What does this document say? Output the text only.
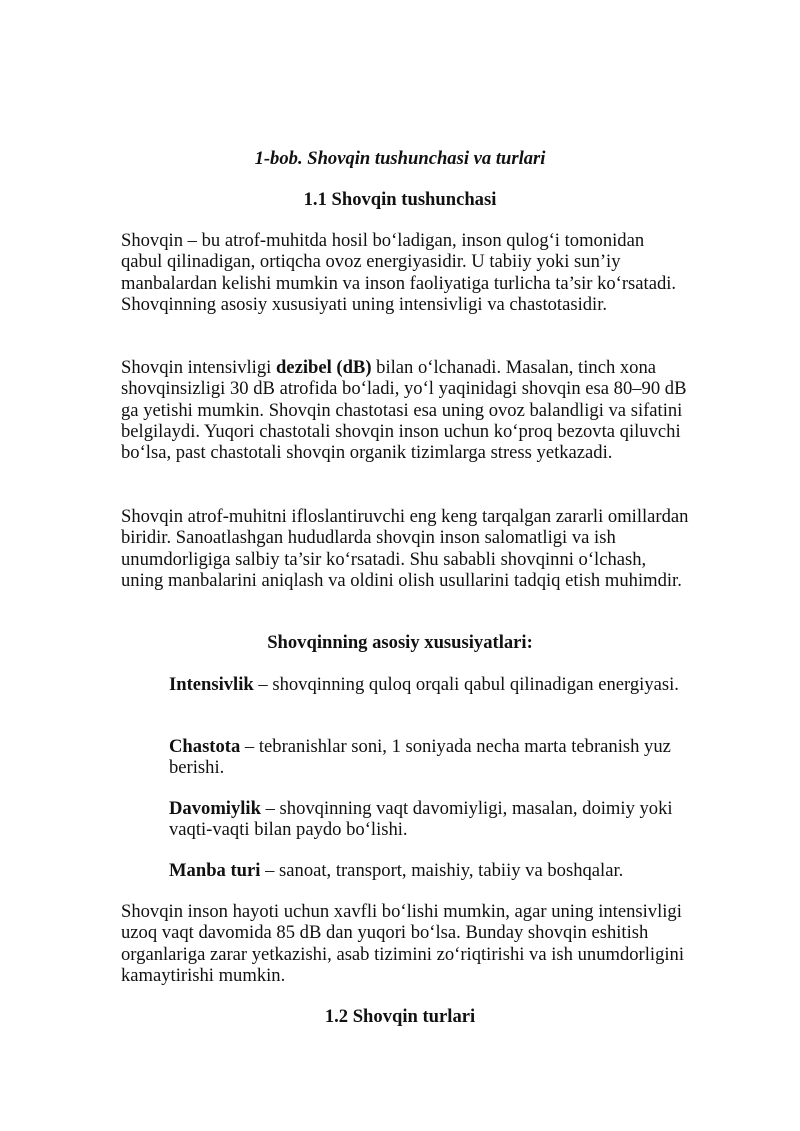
1-bob. Shovqin tushunchasi va turlari
1.1 Shovqin tushunchasi

Shovqin – bu atrof-muhitda hosil bo‘ladigan, inson qulog‘i tomonidan qabul qilinadigan, ortiqcha ovoz energiyasidir. U tabiiy yoki sun’iy manbalardan kelishi mumkin va inson faoliyatiga turlicha ta’sir ko‘rsatadi. Shovqinning asosiy xususiyati uning intensivligi va chastotasidir.

Shovqin intensivligi dezibel (dB) bilan o‘lchanadi. Masalan, tinch xona shovqinsizligi 30 dB atrofida bo‘ladi, yo‘l yaqinidagi shovqin esa 80–90 dB ga yetishi mumkin. Shovqin chastotasi esa uning ovoz balandligi va sifatini belgilaydi. Yuqori chastotali shovqin inson uchun ko‘proq bezovta qiluvchi bo‘lsa, past chastotali shovqin organik tizimlarga stress yetkazadi.

Shovqin atrof-muhitni ifloslantiruvchi eng keng tarqalgan zararli omillardan biridir. Sanoatlashgan hududlarda shovqin inson salomatligi va ish unumdorligiga salbiy ta’sir ko‘rsatadi. Shu sababli shovqinni o‘lchash, uning manbalarini aniqlash va oldini olish usullarini tadqiq etish muhimdir.

Shovqinning asosiy xususiyatlari:

Intensivlik – shovqinning quloq orqali qabul qilinadigan energiyasi.

Chastota – tebranishlar soni, 1 soniyada necha marta tebranish yuz berishi.

Davomiylik – shovqinning vaqt davomiyligi, masalan, doimiy yoki vaqti-vaqti bilan paydo bo‘lishi.

Manba turi – sanoat, transport, maishiy, tabiiy va boshqalar.

Shovqin inson hayoti uchun xavfli bo‘lishi mumkin, agar uning intensivligi uzoq vaqt davomida 85 dB dan yuqori bo‘lsa. Bunday shovqin eshitish organlariga zarar yetkazishi, asab tizimini zo‘riqtirishi va ish unumdorligini kamaytirishi mumkin.

1.2 Shovqin turlari
